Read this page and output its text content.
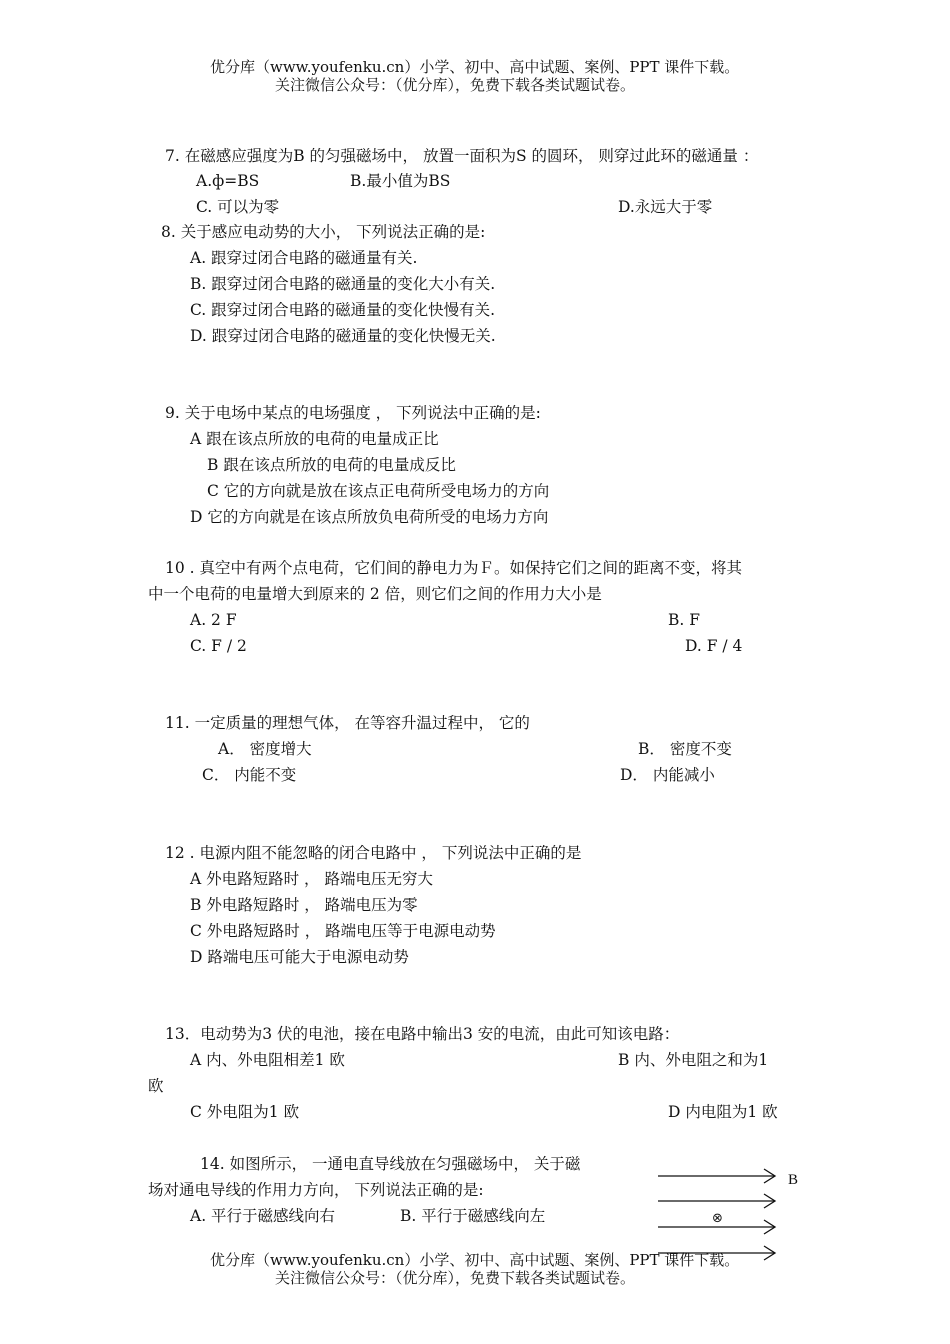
优分库（www.youfenku.cn）小学、初中、高中试题、案例、PPT 课件下载。
关注微信公众号：（优分库），免费下载各类试题试卷。
7. 在磁感应强度为B 的匀强磁场中， 放置一面积为S 的圆环， 则穿过此环的磁通量 ：
A.ф=BS	B.最小值为BS
C. 可以为零	D.永远大于零
8. 关于感应电动势的大小， 下列说法正确的是:
A. 跟穿过闭合电路的磁通量有关.
B. 跟穿过闭合电路的磁通量的变化大小有关.
C. 跟穿过闭合电路的磁通量的变化快慢有关.
D. 跟穿过闭合电路的磁通量的变化快慢无关.
9. 关于电场中某点的电场强度 ， 下列说法中正确的是:
A 跟在该点所放的电荷的电量成正比
B 跟在该点所放的电荷的电量成反比
C 它的方向就是放在该点正电荷所受电场力的方向
D 它的方向就是在该点所放负电荷所受的电场力方向
10 . 真空中有两个点电荷，它们间的静电力为Ｆ。如保持它们之间的距离不变，将其
中一个电荷的电量增大到原来的 2 倍，则它们之间的作用力大小是
A. 2 F	B. F
C. F / 2	D. F / 4
11. 一定质量的理想气体， 在等容升温过程中， 它的
A． 密度增大	B． 密度不变
C． 内能不变	D． 内能减小
12 . 电源内阻不能忽略的闭合电路中 ， 下列说法中正确的是
A 外电路短路时 ， 路端电压无穷大
B 外电路短路时 ， 路端电压为零
C 外电路短路时 ， 路端电压等于电源电动势
D 路端电压可能大于电源电动势
13．电动势为3 伏的电池，接在电路中输出3 安的电流，由此可知该电路：
A 内、外电阻相差1 欧	B 内、外电阻之和为1
欧
C 外电阻为1 欧	D 内电阻为1 欧
14. 如图所示， 一通电直导线放在匀强磁场中， 关于磁
场对通电导线的作用力方向， 下列说法正确的是:
A. 平行于磁感线向右	B. 平行于磁感线向左
B
⊗
优分库（www.youfenku.cn）小学、初中、高中试题、案例、PPT 课件下载。
关注微信公众号：（优分库），免费下载各类试题试卷。
